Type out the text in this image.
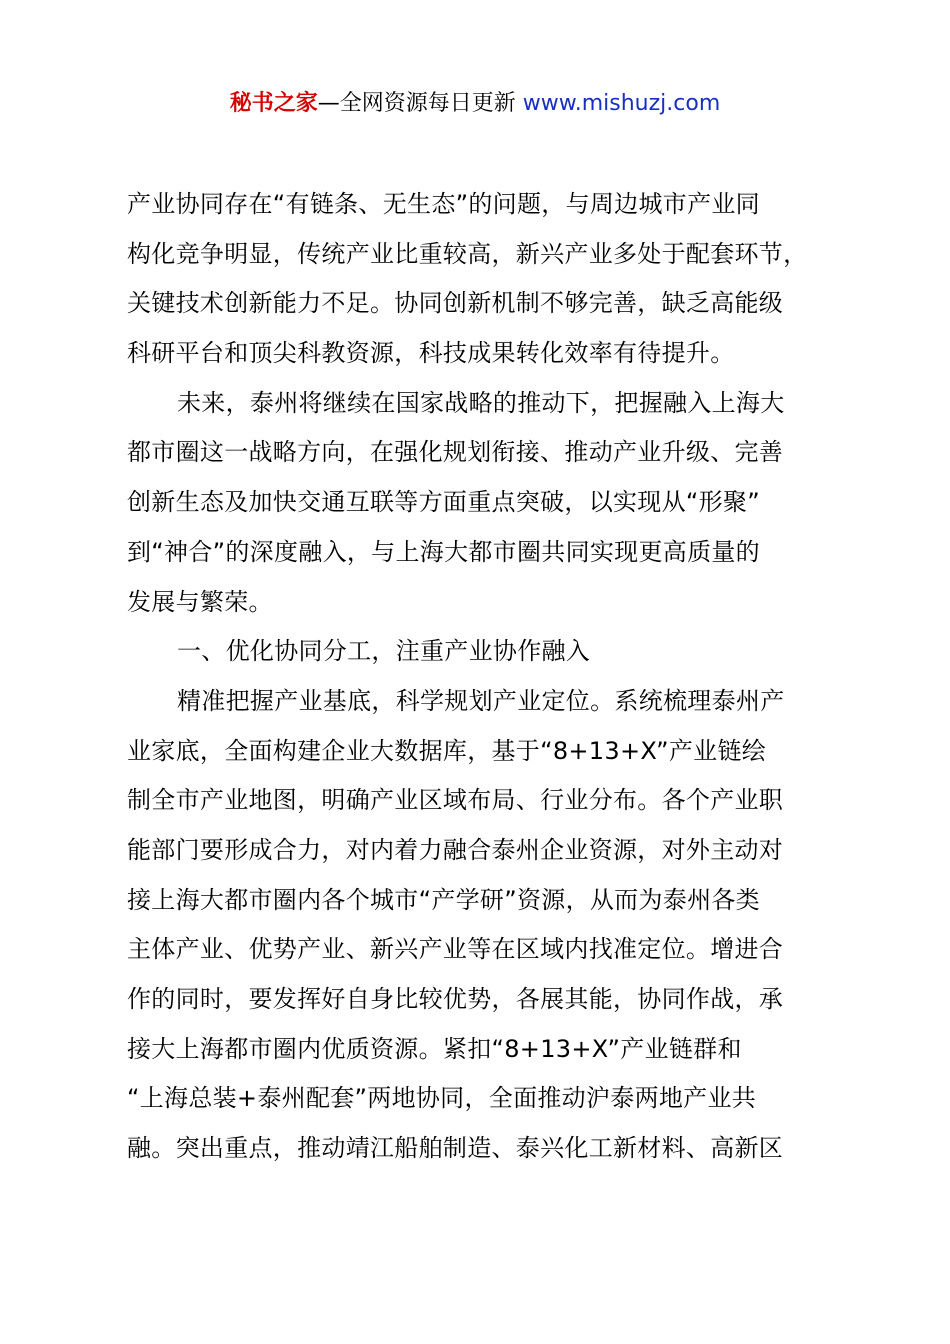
秘书之家—全网资源每日更新 www.mishuzj.com
产业协同存在“有链条、无生态”的问题，与周边城市产业同
构化竞争明显，传统产业比重较高，新兴产业多处于配套环节，
关键技术创新能力不足。协同创新机制不够完善，缺乏高能级
科研平台和顶尖科教资源，科技成果转化效率有待提升。
未来，泰州将继续在国家战略的推动下，把握融入上海大
都市圈这一战略方向，在强化规划衔接、推动产业升级、完善
创新生态及加快交通互联等方面重点突破，以实现从“形聚”
到“神合”的深度融入，与上海大都市圈共同实现更高质量的
发展与繁荣。
一、优化协同分工，注重产业协作融入
精准把握产业基底，科学规划产业定位。系统梳理泰州产
业家底，全面构建企业大数据库，基于“8+13+X”产业链绘
制全市产业地图，明确产业区域布局、行业分布。各个产业职
能部门要形成合力，对内着力融合泰州企业资源，对外主动对
接上海大都市圈内各个城市“产学研”资源，从而为泰州各类
主体产业、优势产业、新兴产业等在区域内找准定位。增进合
作的同时，要发挥好自身比较优势，各展其能，协同作战，承
接大上海都市圈内优质资源。紧扣“8+13+X”产业链群和
“上海总装+泰州配套”两地协同，全面推动沪泰两地产业共
融。突出重点，推动靖江船舶制造、泰兴化工新材料、高新区
